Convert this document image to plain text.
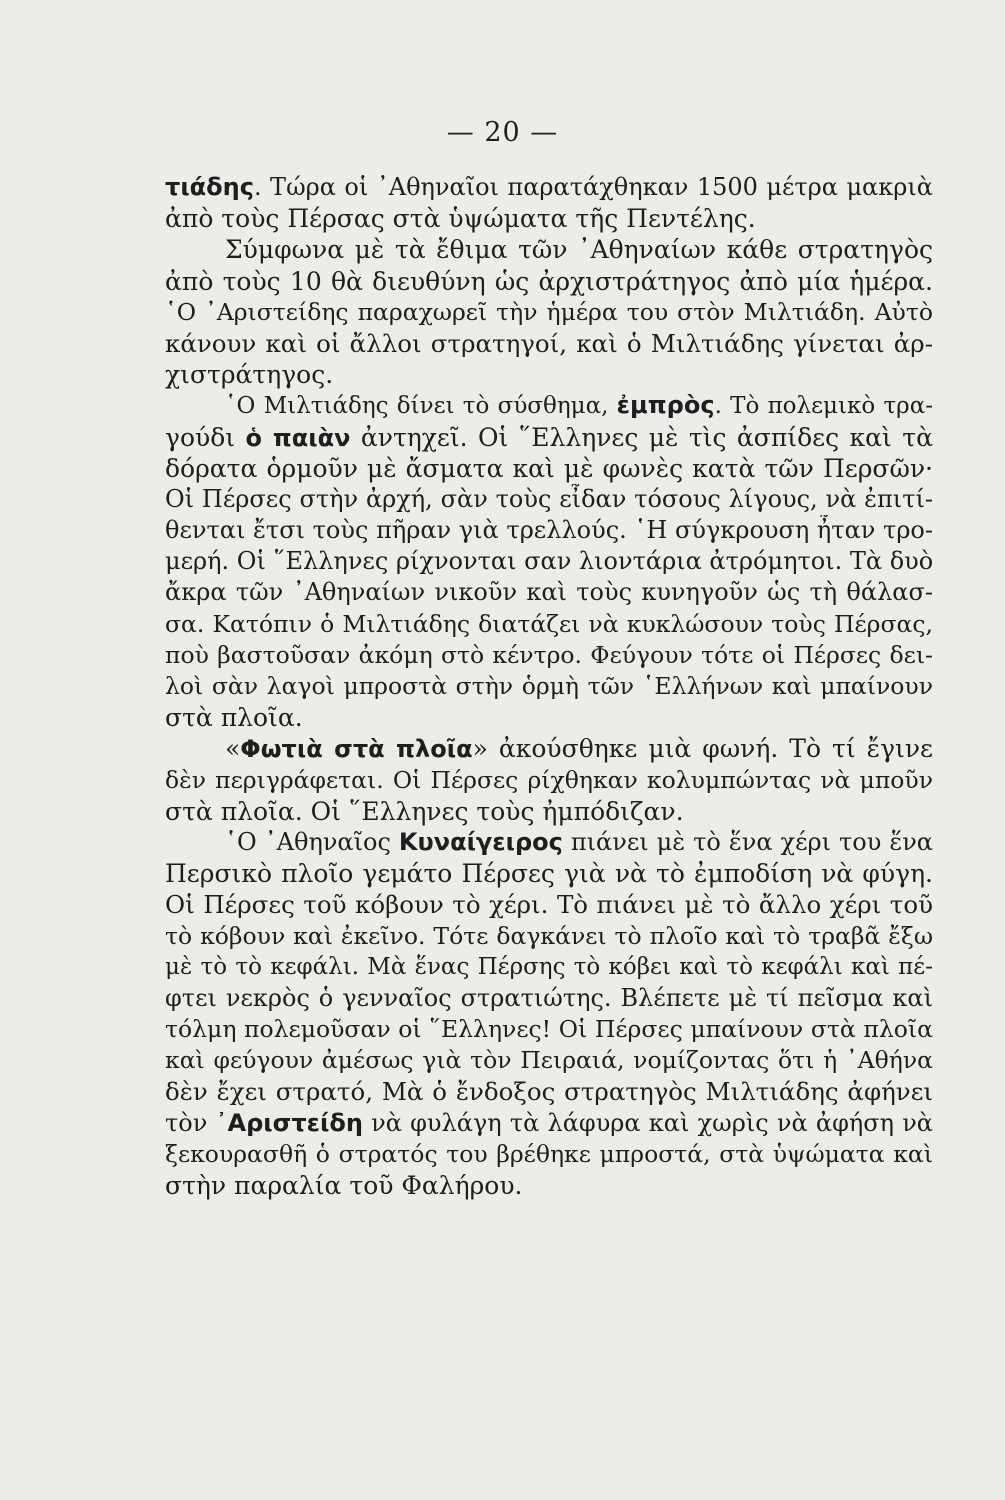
— 20 —
τιάδης. Τώρα οἱ ᾿Αθηναῖοι παρατάχθηκαν 1500 μέτρα μακριὰ
ἀπὸ τοὺς Πέρσας στὰ ὑψώματα τῆς Πεντέλης.
Σύμφωνα μὲ τὰ ἔθιμα τῶν ᾿Αθηναίων κάθε στρατηγὸς
ἀπὸ τοὺς 10 θὰ διευθύνη ὡς ἀρχιστράτηγος ἀπὸ μία ἡμέρα.
῾Ο ᾿Αριστείδης παραχωρεῖ τὴν ἡμέρα του στὸν Μιλτιάδη. Αὐτὸ
κάνουν καὶ οἱ ἄλλοι στρατηγοί, καὶ ὁ Μιλτιάδης γίνεται ἀρ-
χιστράτηγος.
῾Ο Μιλτιάδης δίνει τὸ σύσθημα, ἐμπρὸς. Τὸ πολεμικὸ τρα-
γούδι ὁ παιὰν ἀντηχεῖ. Οἱ ῞Ελληνες μὲ τὶς ἀσπίδες καὶ τὰ
δόρατα ὁρμοῦν μὲ ἄσματα καὶ μὲ φωνὲς κατὰ τῶν Περσῶν·
Οἱ Πέρσες στὴν ἀρχή, σὰν τοὺς εἶδαν τόσους λίγους, νὰ ἐπιτί-
θενται ἔτσι τοὺς πῆραν γιὰ τρελλούς. ῾Η σύγκρουση ἦταν τρο-
μερή. Οἱ ῞Ελληνες ρίχνονται σαν λιοντάρια ἀτρόμητοι. Τὰ δυὸ
ἄκρα τῶν ᾿Αθηναίων νικοῦν καὶ τοὺς κυνηγοῦν ὡς τὴ θάλασ-
σα. Κατόπιν ὁ Μιλτιάδης διατάζει νὰ κυκλώσουν τοὺς Πέρσας,
ποὺ βαστοῦσαν ἀκόμη στὸ κέντρο. Φεύγουν τότε οἱ Πέρσες δει-
λοὶ σὰν λαγοὶ μπροστὰ στὴν ὁρμὴ τῶν ῾Ελλήνων καὶ μπαίνουν
στὰ πλοῖα.
«Φωτιὰ στὰ πλοῖα» ἀκούσθηκε μιὰ φωνή. Τὸ τί ἔγινε
δὲν περιγράφεται. Οἱ Πέρσες ρίχθηκαν κολυμπώντας νὰ μποῦν
στὰ πλοῖα. Οἱ ῞Ελληνες τοὺς ἠμπόδιζαν.
῾Ο ᾿Αθηναῖος Κυναίγειρος πιάνει μὲ τὸ ἕνα χέρι του ἕνα
Περσικὸ πλοῖο γεμάτο Πέρσες γιὰ νὰ τὸ ἐμποδίση νὰ φύγη.
Οἱ Πέρσες τοῦ κόβουν τὸ χέρι. Τὸ πιάνει μὲ τὸ ἄλλο χέρι τοῦ
τὸ κόβουν καὶ ἐκεῖνο. Τότε δαγκάνει τὸ πλοῖο καὶ τὸ τραβᾶ ἔξω
μὲ τὸ τὸ κεφάλι. Μὰ ἕνας Πέρσης τὸ κόβει καὶ τὸ κεφάλι καὶ πέ-
φτει νεκρὸς ὁ γενναῖος στρατιώτης. Βλέπετε μὲ τί πεῖσμα καὶ
τόλμη πολεμοῦσαν οἱ ῞Ελληνες! Οἱ Πέρσες μπαίνουν στὰ πλοῖα
καὶ φεύγουν ἀμέσως γιὰ τὸν Πειραιά, νομίζοντας ὅτι ἡ ᾿Αθήνα
δὲν ἔχει στρατό, Μὰ ὁ ἔνδοξος στρατηγὸς Μιλτιάδης ἀφήνει
τὸν ᾿Αριστείδη νὰ φυλάγη τὰ λάφυρα καὶ χωρὶς νὰ ἀφήση νὰ
ξεκουρασθῆ ὁ στρατός του βρέθηκε μπροστά, στὰ ὑψώματα καὶ
στὴν παραλία τοῦ Φαλήρου.
